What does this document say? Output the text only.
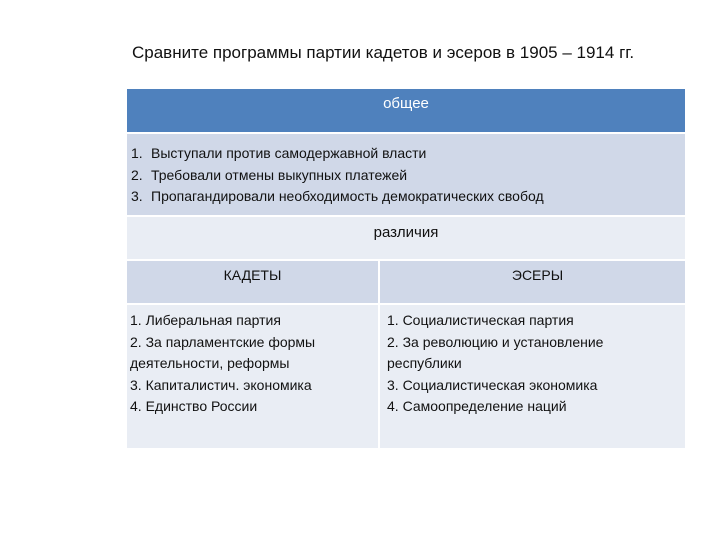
Сравните программы партии кадетов и эсеров в 1905 – 1914 гг.
общее
1. Выступали против самодержавной власти
2. Требовали отмены выкупных платежей
3. Пропагандировали необходимость демократических свобод
различия
КАДЕТЫ	ЭСЕРЫ
1. Либеральная партия
2. За парламентские формы
деятельности, реформы
3. Капиталистич. экономика
4. Единство России
1. Социалистическая партия
2. За революцию и установление
республики
3. Социалистическая экономика
4. Самоопределение наций
